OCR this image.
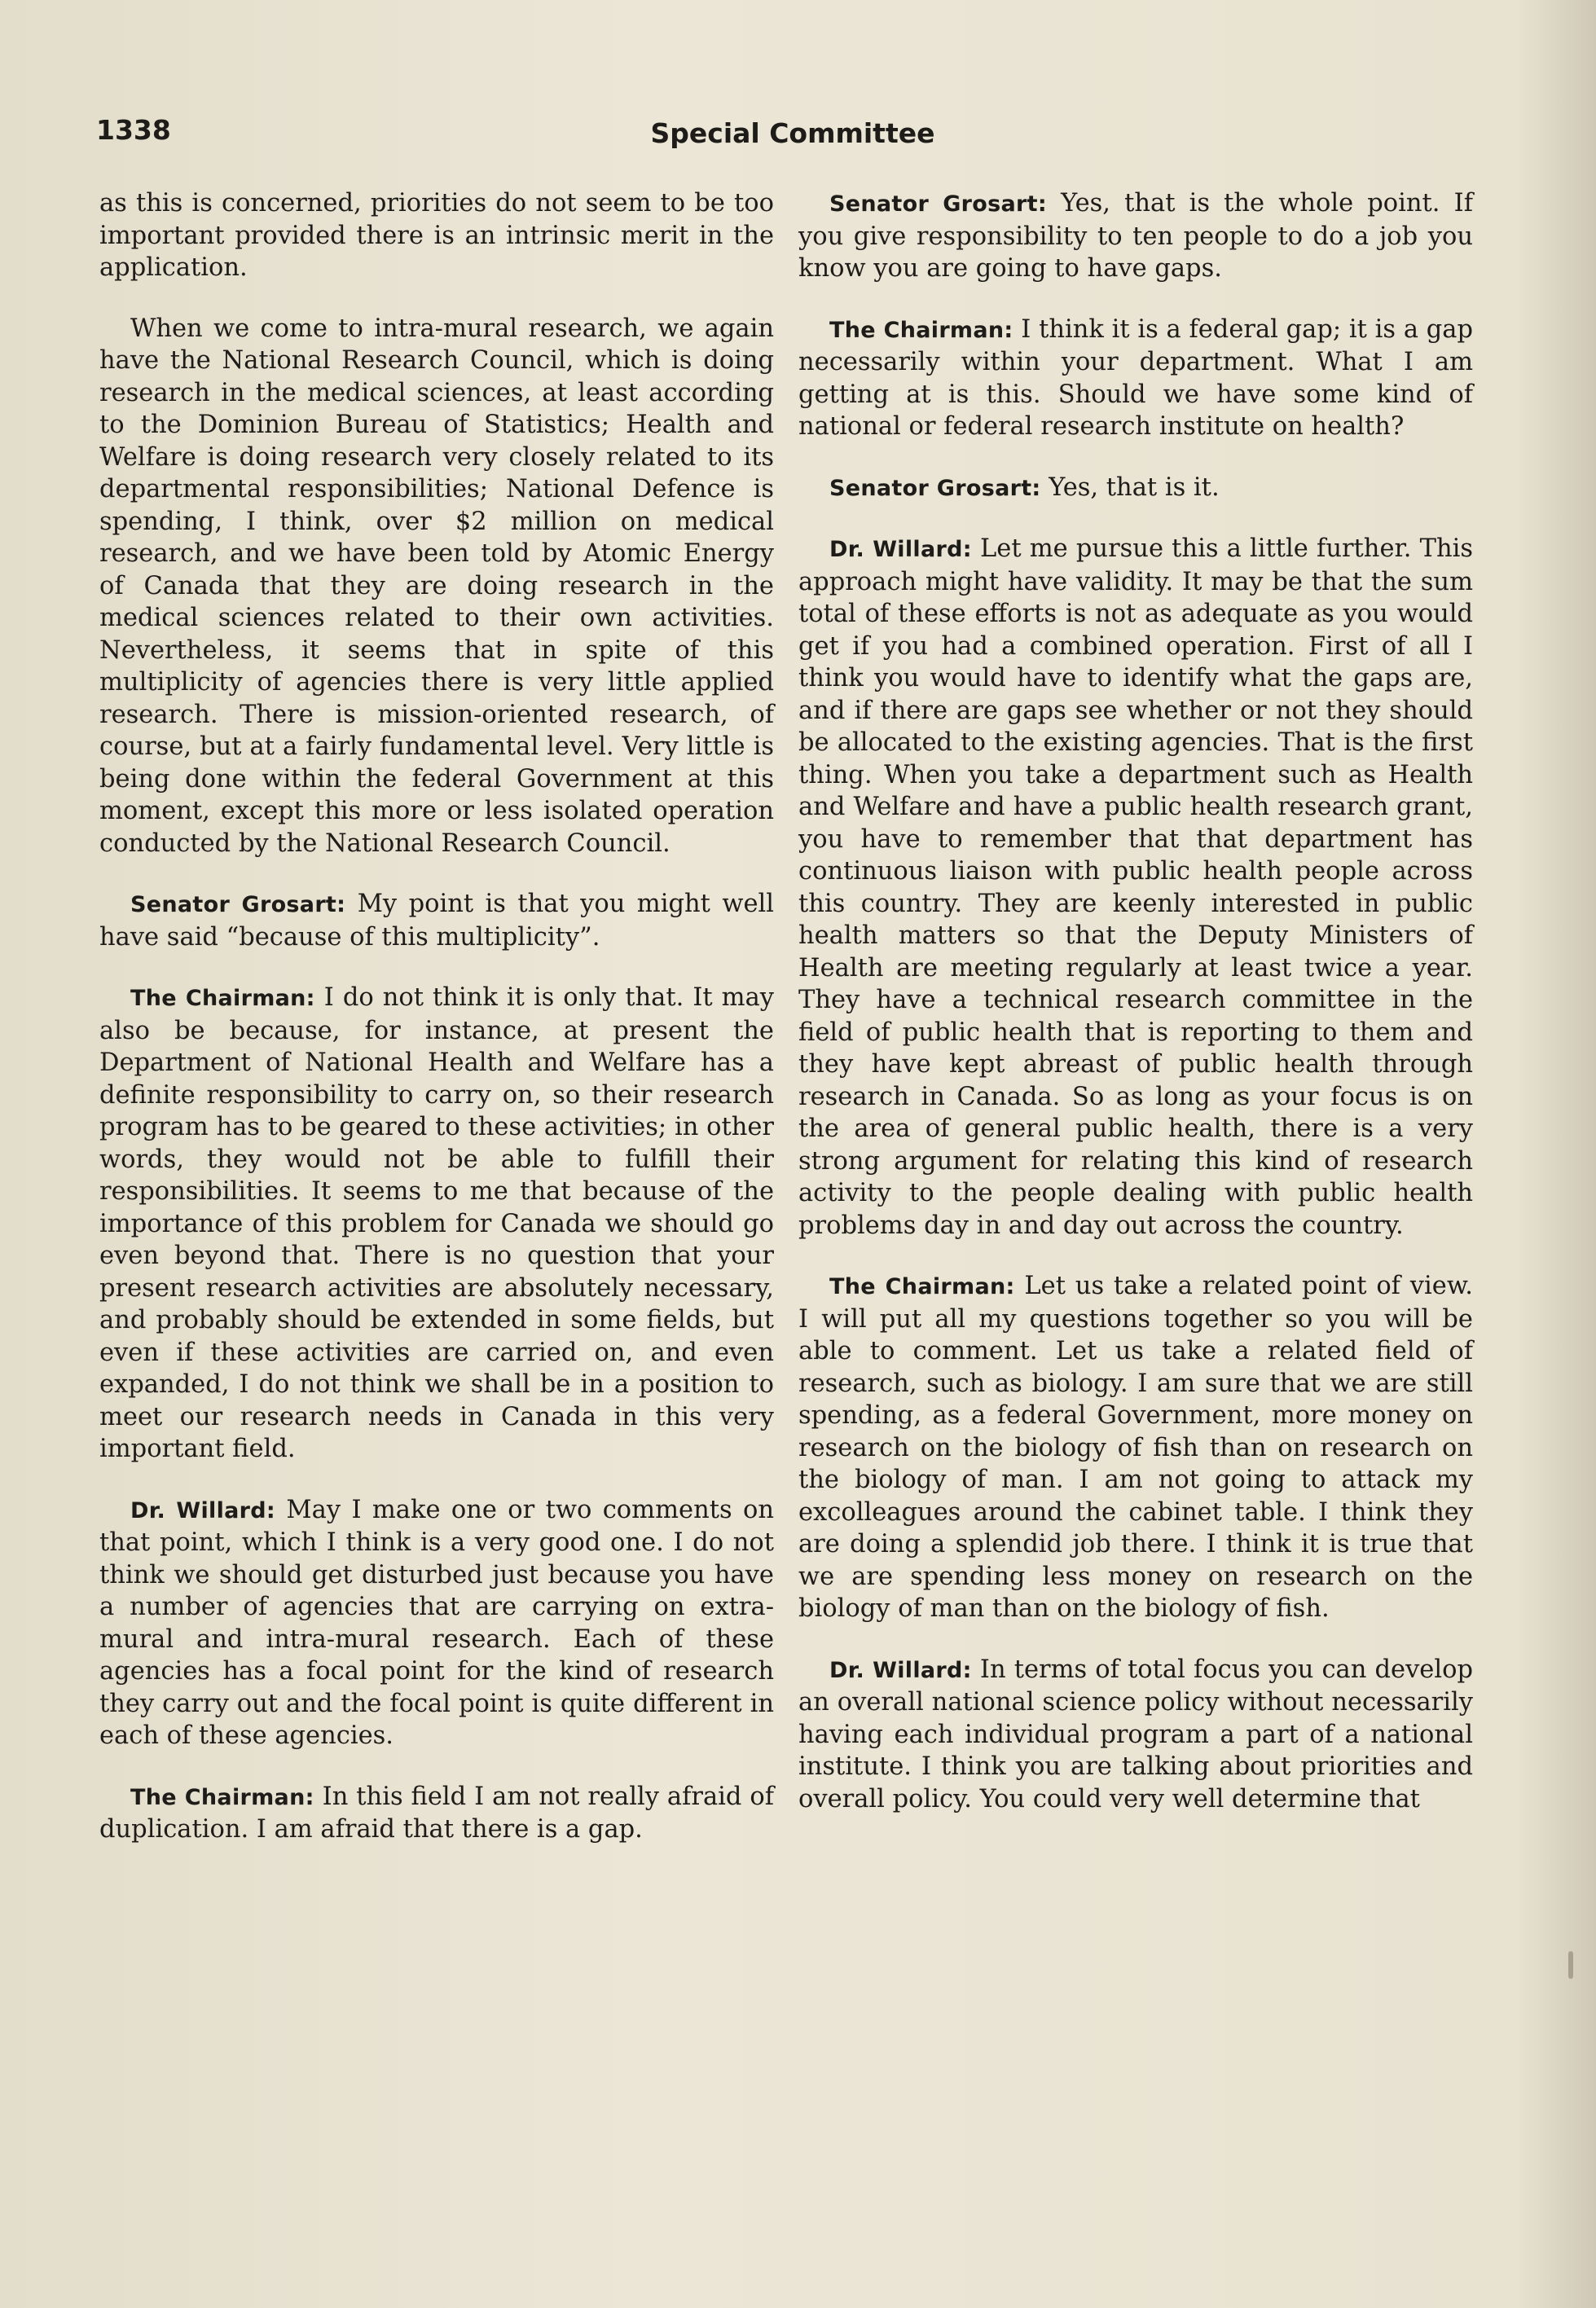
1338	Special Committee

as this is concerned, priorities do not seem to be too important provided there is an intrinsic merit in the application.

When we come to intra-mural research, we again have the National Research Council, which is doing research in the medical sciences, at least according to the Dominion Bureau of Statistics; Health and Welfare is doing research very closely related to its departmental responsibilities; National Defence is spending, I think, over $2 million on medical research, and we have been told by Atomic Energy of Canada that they are doing research in the medical sciences related to their own activities. Nevertheless, it seems that in spite of this multiplicity of agencies there is very little applied research. There is mission-oriented research, of course, but at a fairly fundamental level. Very little is being done within the federal Government at this moment, except this more or less isolated operation conducted by the National Research Council.

Senator Grosart: My point is that you might well have said “because of this multiplicity”.

The Chairman: I do not think it is only that. It may also be because, for instance, at present the Department of National Health and Welfare has a definite responsibility to carry on, so their research program has to be geared to these activities; in other words, they would not be able to fulfill their responsibilities. It seems to me that because of the importance of this problem for Canada we should go even beyond that. There is no question that your present research activities are absolutely necessary, and probably should be extended in some fields, but even if these activities are carried on, and even expanded, I do not think we shall be in a position to meet our research needs in Canada in this very important field.

Dr. Willard: May I make one or two comments on that point, which I think is a very good one. I do not think we should get disturbed just because you have a number of agencies that are carrying on extra-mural and intra-mural research. Each of these agencies has a focal point for the kind of research they carry out and the focal point is quite different in each of these agencies.

The Chairman: In this field I am not really afraid of duplication. I am afraid that there is a gap.

Senator Grosart: Yes, that is the whole point. If you give responsibility to ten people to do a job you know you are going to have gaps.

The Chairman: I think it is a federal gap; it is a gap necessarily within your department. What I am getting at is this. Should we have some kind of national or federal research institute on health?

Senator Grosart: Yes, that is it.

Dr. Willard: Let me pursue this a little further. This approach might have validity. It may be that the sum total of these efforts is not as adequate as you would get if you had a combined operation. First of all I think you would have to identify what the gaps are, and if there are gaps see whether or not they should be allocated to the existing agencies. That is the first thing. When you take a department such as Health and Welfare and have a public health research grant, you have to remember that that department has continuous liaison with public health people across this country. They are keenly interested in public health matters so that the Deputy Ministers of Health are meeting regularly at least twice a year. They have a technical research committee in the field of public health that is reporting to them and they have kept abreast of public health through research in Canada. So as long as your focus is on the area of general public health, there is a very strong argument for relating this kind of research activity to the people dealing with public health problems day in and day out across the country.

The Chairman: Let us take a related point of view. I will put all my questions together so you will be able to comment. Let us take a related field of research, such as biology. I am sure that we are still spending, as a federal Government, more money on research on the biology of fish than on research on the biology of man. I am not going to attack my excolleagues around the cabinet table. I think they are doing a splendid job there. I think it is true that we are spending less money on research on the biology of man than on the biology of fish.

Dr. Willard: In terms of total focus you can develop an overall national science policy without necessarily having each individual program a part of a national institute. I think you are talking about priorities and overall policy. You could very well determine that
